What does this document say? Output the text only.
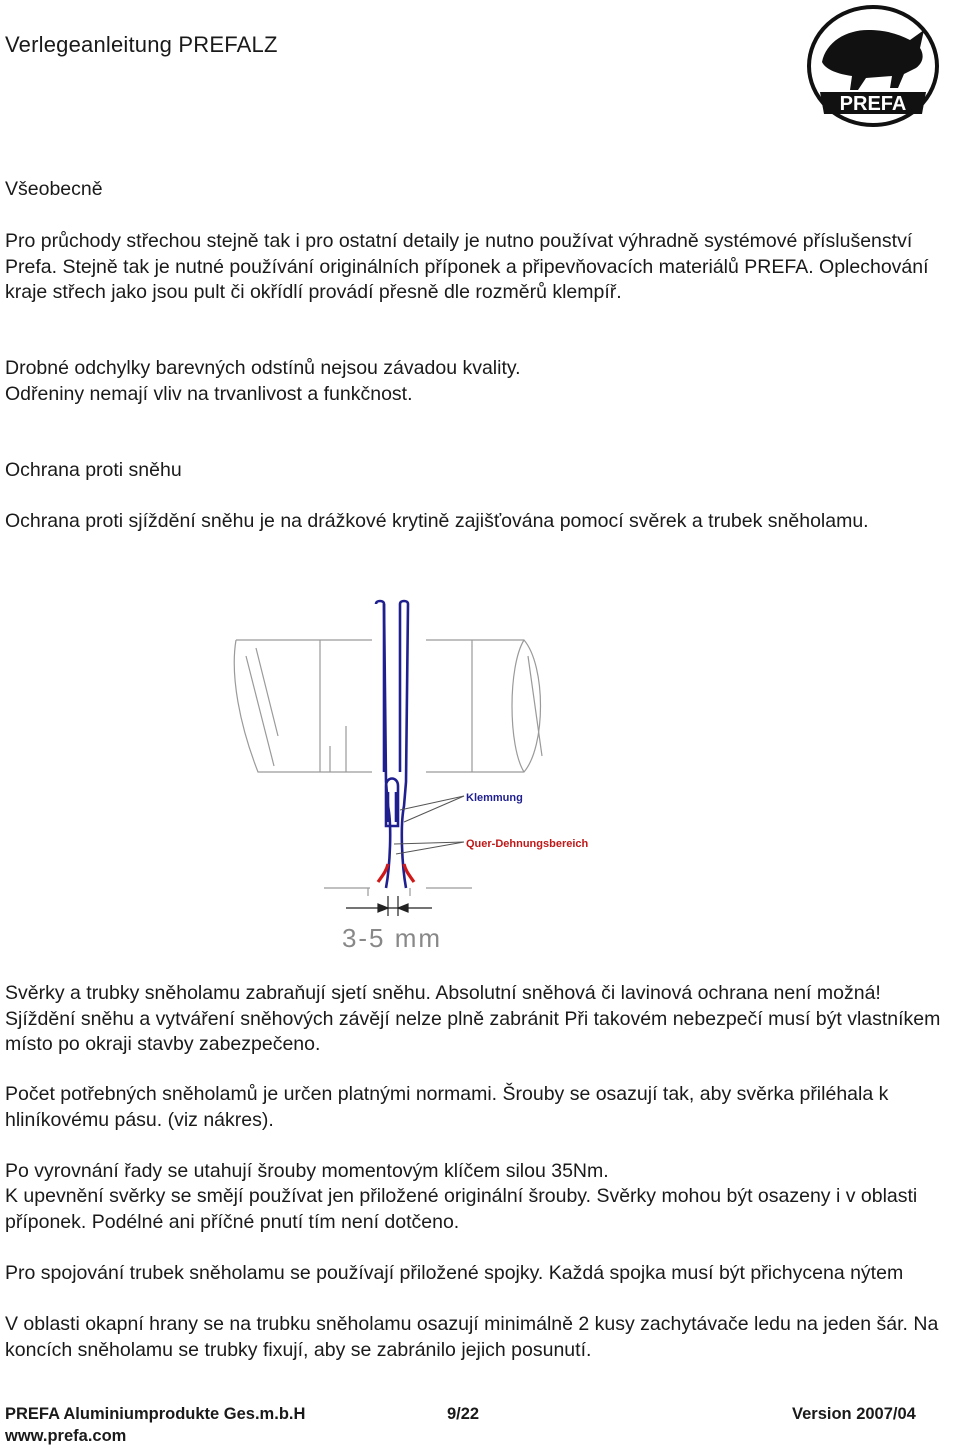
Verlegeanleitung PREFALZ
PREFA
Všeobecně

Pro průchody střechou stejně tak i pro ostatní detaily je nutno používat výhradně systémové příslušenství Prefa. Stejně tak je nutné používání originálních příponek a připevňovacích materiálů PREFA. Oplechování kraje střech jako jsou pult či okřídlí provádí přesně dle rozměrů klempíř.

Drobné odchylky barevných odstínů nejsou závadou kvality.

Odřeniny nemají vliv na trvanlivost a funkčnost.

Ochrana proti sněhu

Ochrana proti sjíždění sněhu je na drážkové krytině zajišťována pomocí svěrek a trubek sněholamu.

Klemmung
Quer-Dehnungsbereich
3-5 mm

Svěrky a trubky sněholamu zabraňují sjetí sněhu. Absolutní sněhová či lavinová ochrana není možná! Sjíždění sněhu a vytváření sněhových závějí nelze plně zabránit Při takovém nebezpečí musí být vlastníkem místo po okraji stavby zabezpečeno.

Počet potřebných sněholamů je určen platnými normami. Šrouby se osazují tak, aby svěrka přiléhala k hliníkovému pásu. (viz nákres).

Po vyrovnání řady se utahují šrouby momentovým klíčem silou 35Nm.

K upevnění svěrky se smějí používat jen přiložené originální šrouby. Svěrky mohou být osazeny i v oblasti příponek. Podélné ani příčné pnutí tím není dotčeno.

Pro spojování trubek sněholamu se používají přiložené spojky. Každá spojka musí být přichycena nýtem

V oblasti okapní hrany se na trubku sněholamu osazují minimálně 2 kusy zachytávače ledu na jeden šár. Na koncích sněholamu se trubky fixují, aby se zabránilo jejich posunutí.

PREFA Aluminiumprodukte Ges.m.b.H	9/22	Version 2007/04
www.prefa.com
